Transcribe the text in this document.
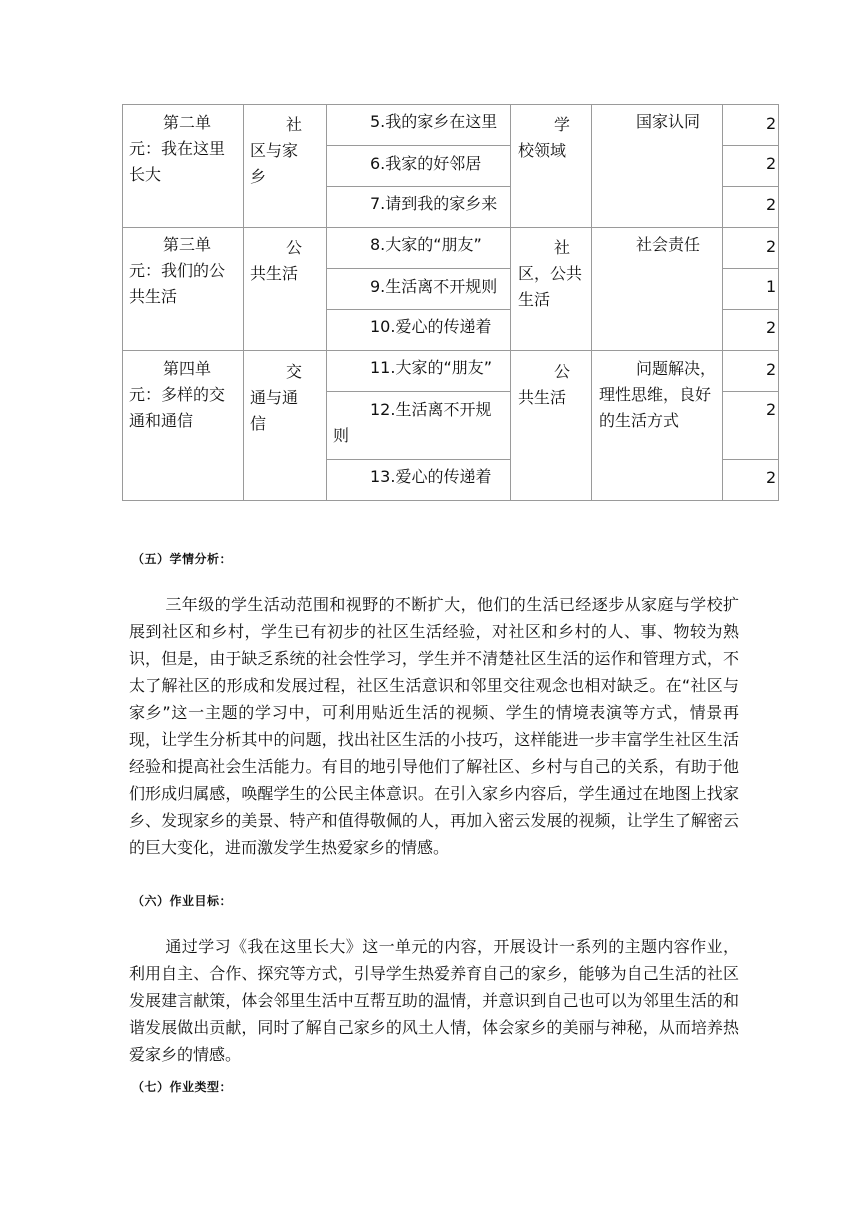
第二单元：我在这里长大
社区与家乡
5.我的家乡在这里
6.我家的好邻居
7.请到我的家乡来
学校领域
国家认同	2
2
2
第三单元：我们的公共生活
公共生活
8.大家的“朋友”
9.生活离不开规则
10.爱心的传递着
社区，公共生活
社会责任	2
1
2
第四单元：多样的交通和通信
交通与通信
11.大家的“朋友”
12.生活离不开规则
13.爱心的传递着
公共生活
问题解决，理性思维，良好的生活方式
2
2
2
（五）学情分析：
三年级的学生活动范围和视野的不断扩大，他们的生活已经逐步从家庭与学校扩展到社区和乡村，学生已有初步的社区生活经验，对社区和乡村的人、事、物较为熟识，但是，由于缺乏系统的社会性学习，学生并不清楚社区生活的运作和管理方式，不太了解社区的形成和发展过程，社区生活意识和邻里交往观念也相对缺乏。在“社区与家乡”这一主题的学习中，可利用贴近生活的视频、学生的情境表演等方式，情景再现，让学生分析其中的问题，找出社区生活的小技巧，这样能进一步丰富学生社区生活经验和提高社会生活能力。有目的地引导他们了解社区、乡村与自己的关系，有助于他们形成归属感，唤醒学生的公民主体意识。在引入家乡内容后，学生通过在地图上找家乡、发现家乡的美景、特产和值得敬佩的人，再加入密云发展的视频，让学生了解密云的巨大变化，进而激发学生热爱家乡的情感。
（六）作业目标：
通过学习《我在这里长大》这一单元的内容，开展设计一系列的主题内容作业，利用自主、合作、探究等方式，引导学生热爱养育自己的家乡，能够为自己生活的社区发展建言献策，体会邻里生活中互帮互助的温情，并意识到自己也可以为邻里生活的和谐发展做出贡献，同时了解自己家乡的风土人情，体会家乡的美丽与神秘，从而培养热爱家乡的情感。
（七）作业类型：
